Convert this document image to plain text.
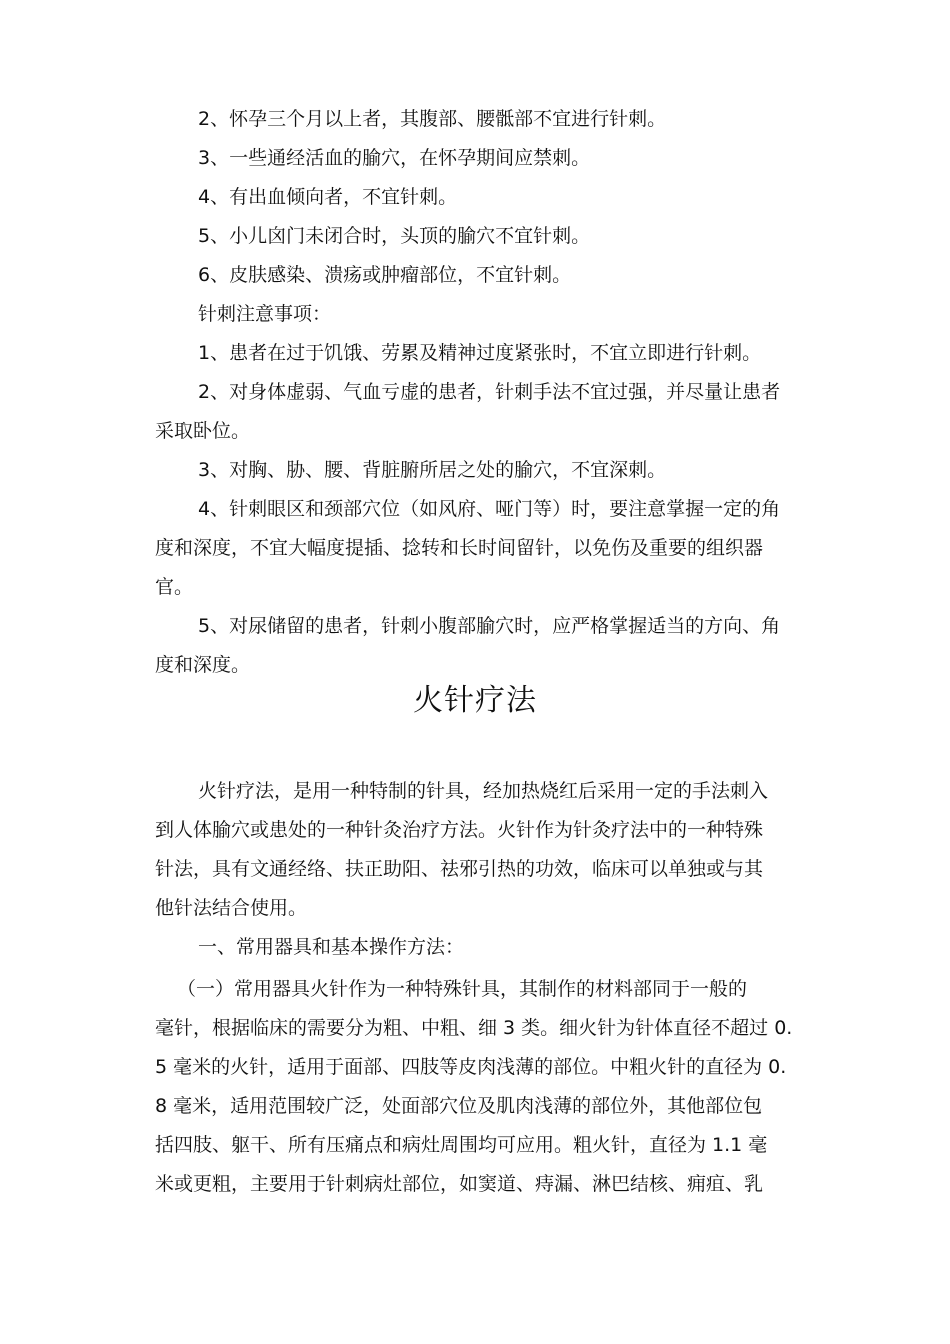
2、怀孕三个月以上者，其腹部、腰骶部不宜进行针刺。
3、一些通经活血的腧穴，在怀孕期间应禁刺。
4、有出血倾向者，不宜针刺。
5、小儿囟门未闭合时，头顶的腧穴不宜针刺。
6、皮肤感染、溃疡或肿瘤部位，不宜针刺。
针刺注意事项：
1、患者在过于饥饿、劳累及精神过度紧张时，不宜立即进行针刺。
2、对身体虚弱、气血亏虚的患者，针刺手法不宜过强，并尽量让患者
采取卧位。
3、对胸、胁、腰、背脏腑所居之处的腧穴，不宜深刺。
4、针刺眼区和颈部穴位（如风府、哑门等）时，要注意掌握一定的角
度和深度，不宜大幅度提插、捻转和长时间留针，以免伤及重要的组织器
官。
5、对尿储留的患者，针刺小腹部腧穴时，应严格掌握适当的方向、角
度和深度。
火针疗法
火针疗法，是用一种特制的针具，经加热烧红后采用一定的手法刺入
到人体腧穴或患处的一种针灸治疗方法。火针作为针灸疗法中的一种特殊
针法，具有文通经络、扶正助阳、祛邪引热的功效，临床可以单独或与其
他针法结合使用。
一、常用器具和基本操作方法：
（一）常用器具火针作为一种特殊针具，其制作的材料部同于一般的
毫针，根据临床的需要分为粗、中粗、细 3 类。细火针为针体直径不超过 0.
5 毫米的火针，适用于面部、四肢等皮肉浅薄的部位。中粗火针的直径为 0.
8 毫米，适用范围较广泛，处面部穴位及肌肉浅薄的部位外，其他部位包
括四肢、躯干、所有压痛点和病灶周围均可应用。粗火针，直径为 1.1 毫
米或更粗，主要用于针刺病灶部位，如窦道、痔漏、淋巴结核、痈疽、乳
